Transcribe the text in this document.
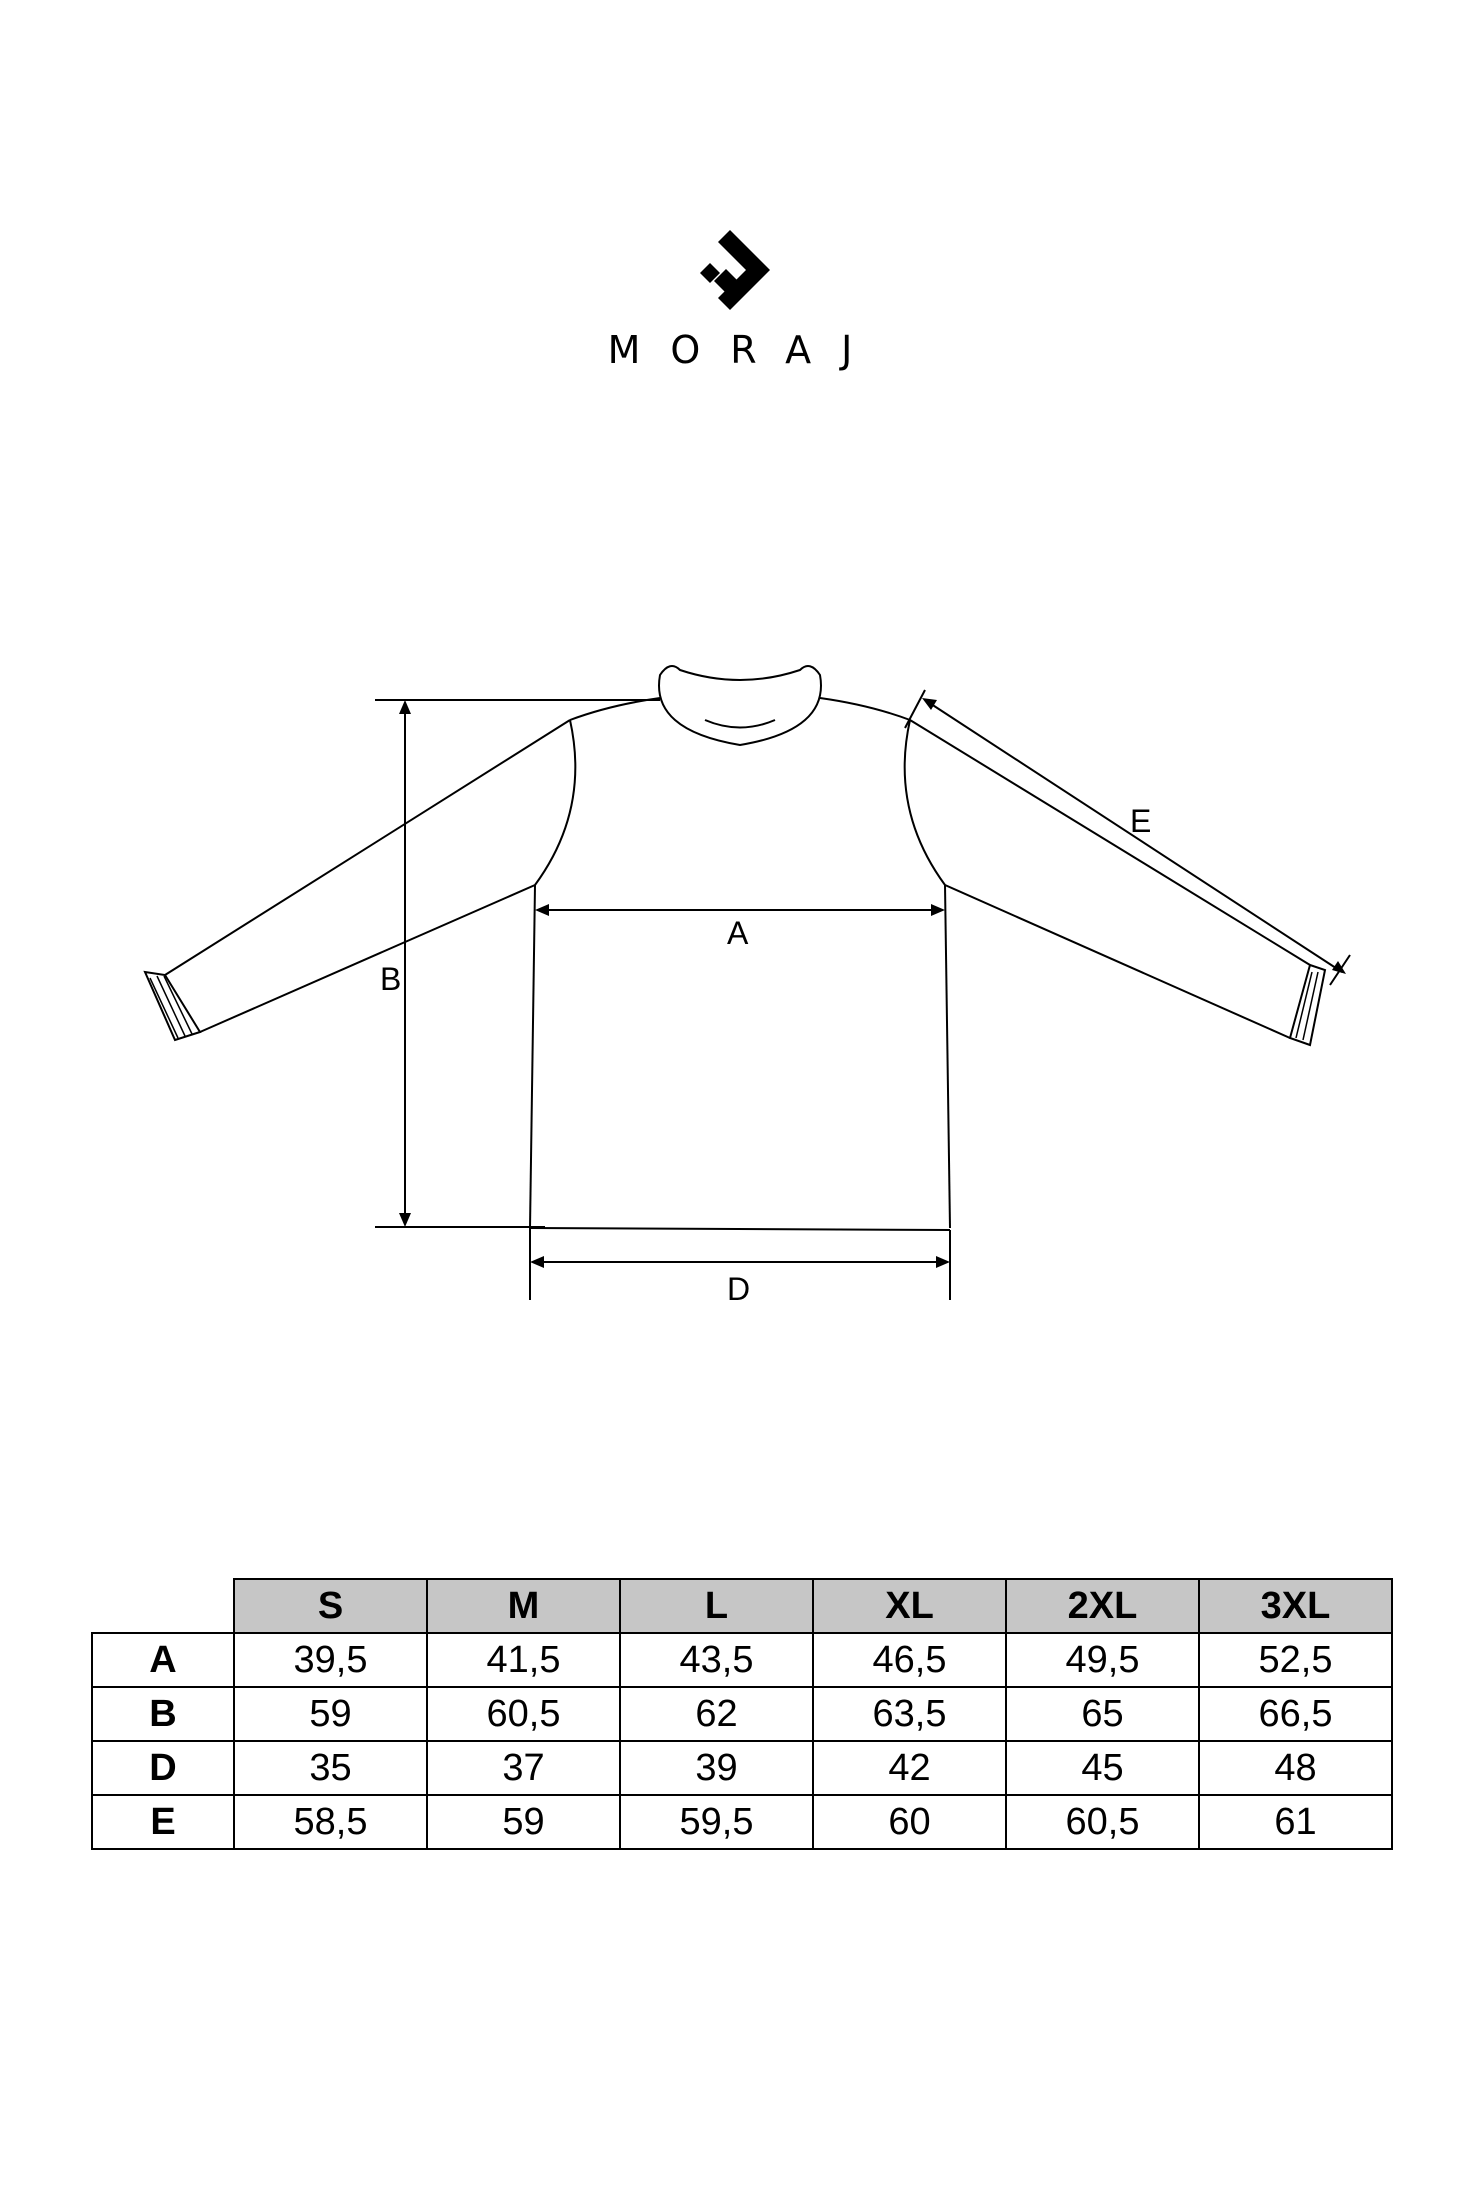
MORAJ
A
B
D
E
	S	M	L	XL	2XL	3XL
A	39,5	41,5	43,5	46,5	49,5	52,5
B	59	60,5	62	63,5	65	66,5
D	35	37	39	42	45	48
E	58,5	59	59,5	60	60,5	61
